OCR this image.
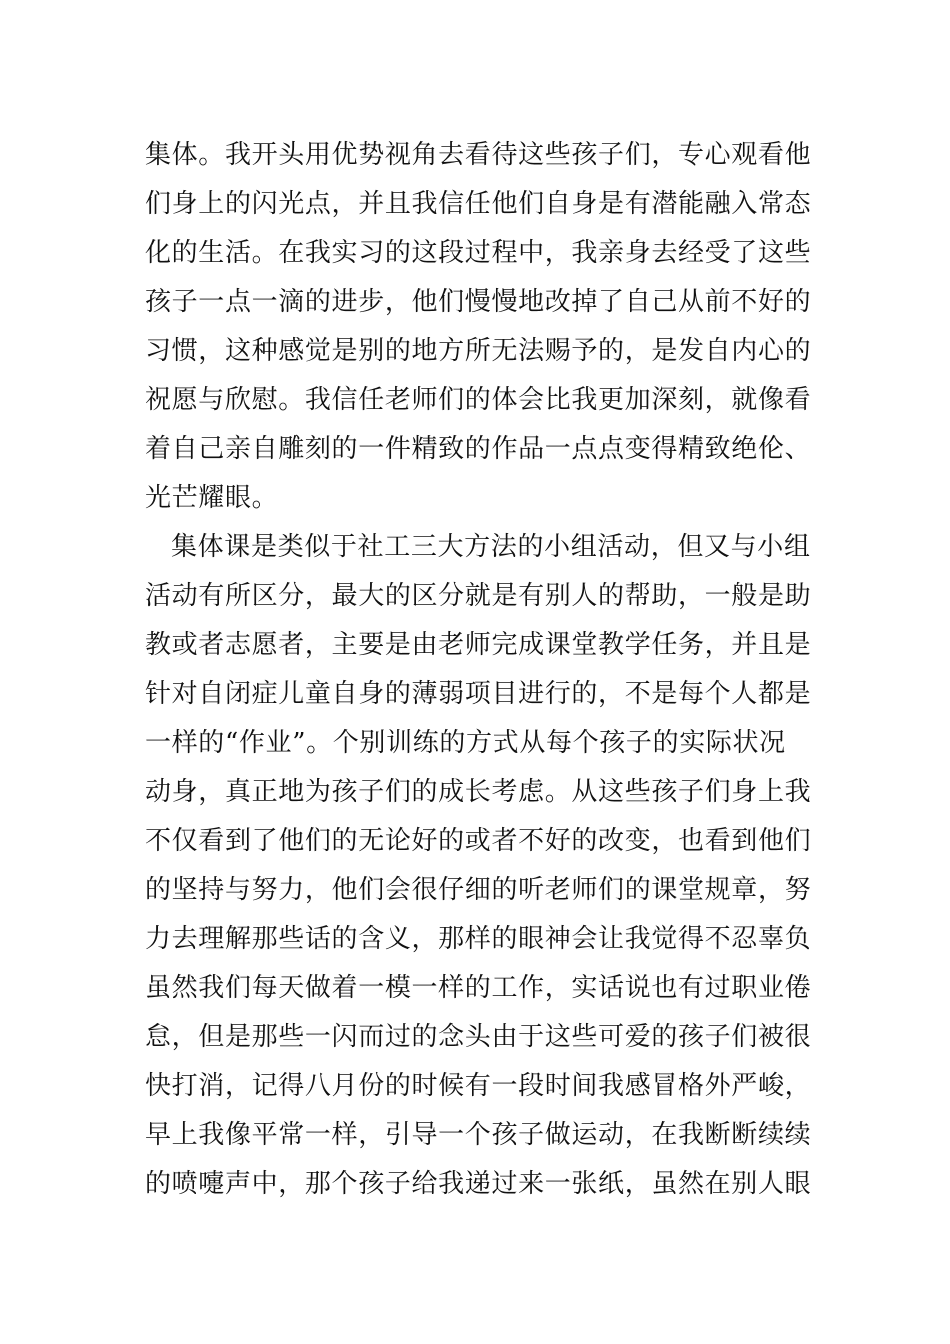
集体。我开头用优势视角去看待这些孩子们，专心观看他
们身上的闪光点，并且我信任他们自身是有潜能融入常态
化的生活。在我实习的这段过程中，我亲身去经受了这些
孩子一点一滴的进步，他们慢慢地改掉了自己从前不好的
习惯，这种感觉是别的地方所无法赐予的，是发自内心的
祝愿与欣慰。我信任老师们的体会比我更加深刻，就像看
着自己亲自雕刻的一件精致的作品一点点变得精致绝伦、
光芒耀眼。
集体课是类似于社工三大方法的小组活动，但又与小组
活动有所区分，最大的区分就是有别人的帮助，一般是助
教或者志愿者，主要是由老师完成课堂教学任务，并且是
针对自闭症儿童自身的薄弱项目进行的，不是每个人都是
一样的“作业”。个别训练的方式从每个孩子的实际状况
动身，真正地为孩子们的成长考虑。从这些孩子们身上我
不仅看到了他们的无论好的或者不好的改变，也看到他们
的坚持与努力，他们会很仔细的听老师们的课堂规章，努
力去理解那些话的含义，那样的眼神会让我觉得不忍辜负
虽然我们每天做着一模一样的工作，实话说也有过职业倦
怠，但是那些一闪而过的念头由于这些可爱的孩子们被很
快打消，记得八月份的时候有一段时间我感冒格外严峻，
早上我像平常一样，引导一个孩子做运动，在我断断续续
的喷嚏声中，那个孩子给我递过来一张纸，虽然在别人眼
